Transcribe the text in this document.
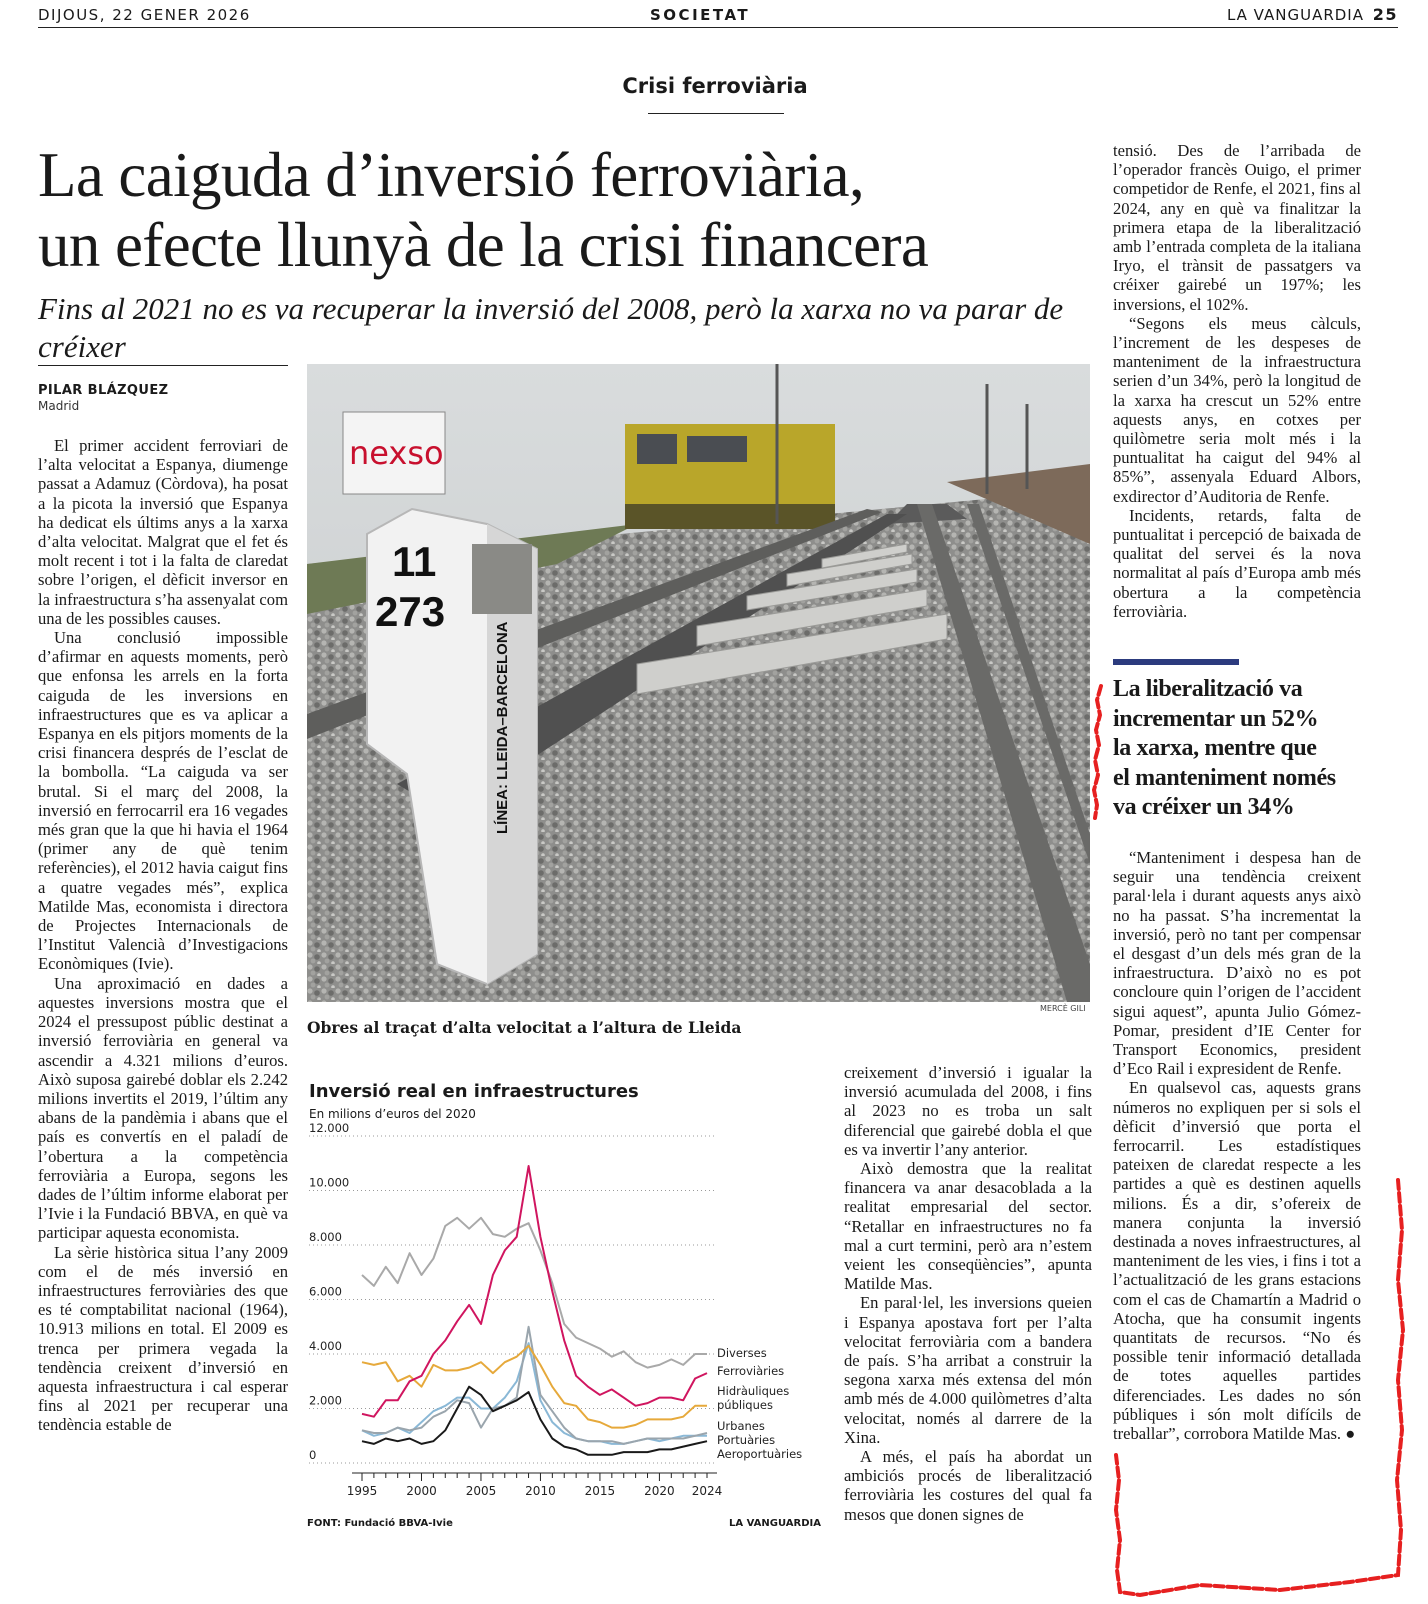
DIJOUS, 22 GENER 2026	SOCIETAT	LA VANGUARDIA 25
Crisi ferroviària
La caiguda d’inversió ferroviària,
un efecte llunyà de la crisi financera
Fins al 2021 no es va recuperar la inversió del 2008, però la xarxa no va parar de créixer
PILAR BLÁZQUEZ
Madrid

El primer accident ferroviari de l’alta velocitat a Espanya, diumenge passat a Adamuz (Còrdova), ha posat a la picota la inversió que Espanya ha dedicat els últims anys a la xarxa d’alta velocitat. Malgrat que el fet és molt recent i tot i la falta de claredat sobre l’origen, el dèficit inversor en la infraestructura s’ha assenyalat com una de les possibles causes.

Una conclusió impossible d’afirmar en aquests moments, però que enfonsa les arrels en la forta caiguda de les inversions en infraestructures que es va aplicar a Espanya en els pitjors moments de la crisi financera després de l’esclat de la bombolla. “La caiguda va ser brutal. Si el març del 2008, la inversió en ferrocarril era 16 vegades més gran que la que hi havia el 1964 (primer any de què tenim referències), el 2012 havia caigut fins a quatre vegades més”, explica Matilde Mas, economista i directora de Projectes Internacionals de l’Institut Valencià d’Investigacions Econòmiques (Ivie).

Una aproximació en dades a aquestes inversions mostra que el 2024 el pressupost públic destinat a inversió ferroviària en general va ascendir a 4.321 milions d’euros. Això suposa gairebé doblar els 2.242 milions invertits el 2019, l’últim any abans de la pandèmia i abans que el país es convertís en el paladí de l’obertura a la competència ferroviària a Europa, segons les dades de l’últim informe elaborat per l’Ivie i la Fundació BBVA, en què va participar aquesta economista.

La sèrie històrica situa l’any 2009 com el de més inversió en infraestructures ferroviàries des que es té comptabilitat nacional (1964), 10.913 milions en total. El 2009 es trenca per primera vegada la tendència creixent d’inversió en aquesta infraestructura i cal esperar fins al 2021 per recuperar una tendència estable de

nexso
11
273
LÍNEA: LLEIDA–BARCELONA
MERCÈ GILI
Obres al traçat d’alta velocitat a l’altura de Lleida
0
2.000
4.000
6.000
8.000
10.000
12.000
1995 2000 2005 2010 2015 2020 2024
Diverses
Ferroviàries
Hidràuliques
públiques
Urbanes
Portuàries
Aeroportuàries
Inversió real en infraestructures
En milions d’euros del 2020
FONT: Fundació BBVA-Ivie	LA VANGUARDIA

creixement d’inversió i igualar la inversió acumulada del 2008, i fins al 2023 no es troba un salt diferencial que gairebé dobla el que es va invertir l’any anterior.

Això demostra que la realitat financera va anar desacoblada a la realitat empresarial del sector. “Retallar en infraestructures no fa mal a curt termini, però ara n’estem veient les conseqüències”, apunta Matilde Mas.

En paral·lel, les inversions queien i Espanya apostava fort per l’alta velocitat ferroviària com a bandera de país. S’ha arribat a construir la segona xarxa més extensa del món amb més de 4.000 quilòmetres d’alta velocitat, només al darrere de la Xina.

A més, el país ha abordat un ambiciós procés de liberalització ferroviària les costures del qual fa mesos que donen signes de

tensió. Des de l’arribada de l’operador francès Ouigo, el primer competidor de Renfe, el 2021, fins al 2024, any en què va finalitzar la primera etapa de la liberalització amb l’entrada completa de la italiana Iryo, el trànsit de passatgers va créixer gairebé un 197%; les inversions, el 102%.

“Segons els meus càlculs, l’increment de les despeses de manteniment de la infraestructura serien d’un 34%, però la longitud de la xarxa ha crescut un 52% entre aquests anys, en cotxes per quilòmetre seria molt més i la puntualitat ha caigut del 94% al 85%”, assenyala Eduard Albors, exdirector d’Auditoria de Renfe.

Incidents, retards, falta de puntualitat i percepció de baixada de qualitat del servei és la nova normalitat al país d’Europa amb més obertura a la competència ferroviària.

La liberalització va
incrementar un 52%
la xarxa, mentre que
el manteniment només
va créixer un 34%

“Manteniment i despesa han de seguir una tendència creixent paral·lela i durant aquests anys això no ha passat. S’ha incrementat la inversió, però no tant per compensar el desgast d’un dels més gran de la infraestructura. D’això no es pot concloure quin l’origen de l’accident sigui aquest”, apunta Julio Gómez-Pomar, president d’IE Center for Transport Economics, president d’Eco Rail i expresident de Renfe.

En qualsevol cas, aquests grans números no expliquen per si sols el dèficit d’inversió que porta el ferrocarril. Les estadístiques pateixen de claredat respecte a les partides a què es destinen aquells milions. És a dir, s’ofereix de manera conjunta la inversió destinada a noves infraestructures, al manteniment de les vies, i fins i tot a l’actualització de les grans estacions com el cas de Chamartín a Madrid o Atocha, que ha consumit ingents quantitats de recursos. “No és possible tenir informació detallada de totes aquelles partides diferenciades. Les dades no són públiques i són molt difícils de treballar”, corrobora Matilde Mas. ●
